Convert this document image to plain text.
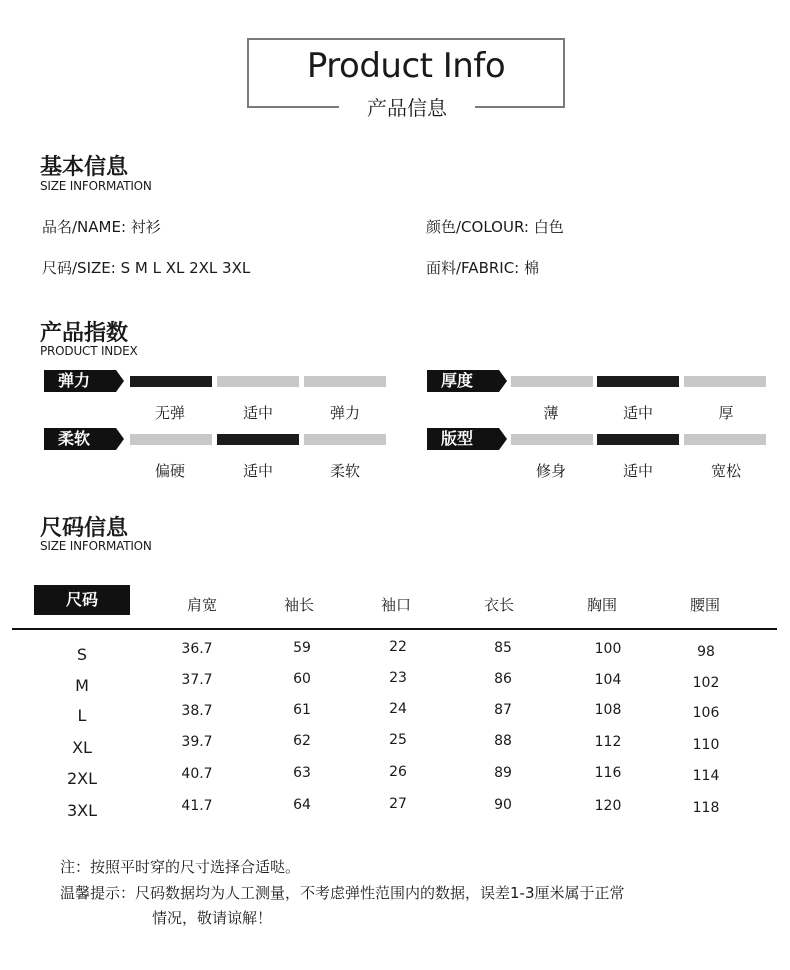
Product Info
产品信息
基本信息
SIZE INFORMATION
品名/NAME: 衬衫	颜色/COLOUR: 白色
尺码/SIZE: S M L XL 2XL 3XL	面料/FABRIC: 棉
产品指数
PRODUCT INDEX
弹力
无弹	适中	弹力
厚度
薄	适中	厚
柔软
偏硬	适中	柔软
版型
修身	适中	宽松
尺码信息
SIZE INFORMATION
尺码	肩宽	袖长	袖口	衣长	胸围	腰围
S	36.7	59	22	85	100	98
M	37.7	60	23	86	104	102
L	38.7	61	24	87	108	106
XL	39.7	62	25	88	112	110
2XL	40.7	63	26	89	116	114
3XL	41.7	64	27	90	120	118
注：按照平时穿的尺寸选择合适哒。
温馨提示：尺码数据均为人工测量，不考虑弹性范围内的数据，误差1-3厘米属于正常
情况，敬请谅解！
